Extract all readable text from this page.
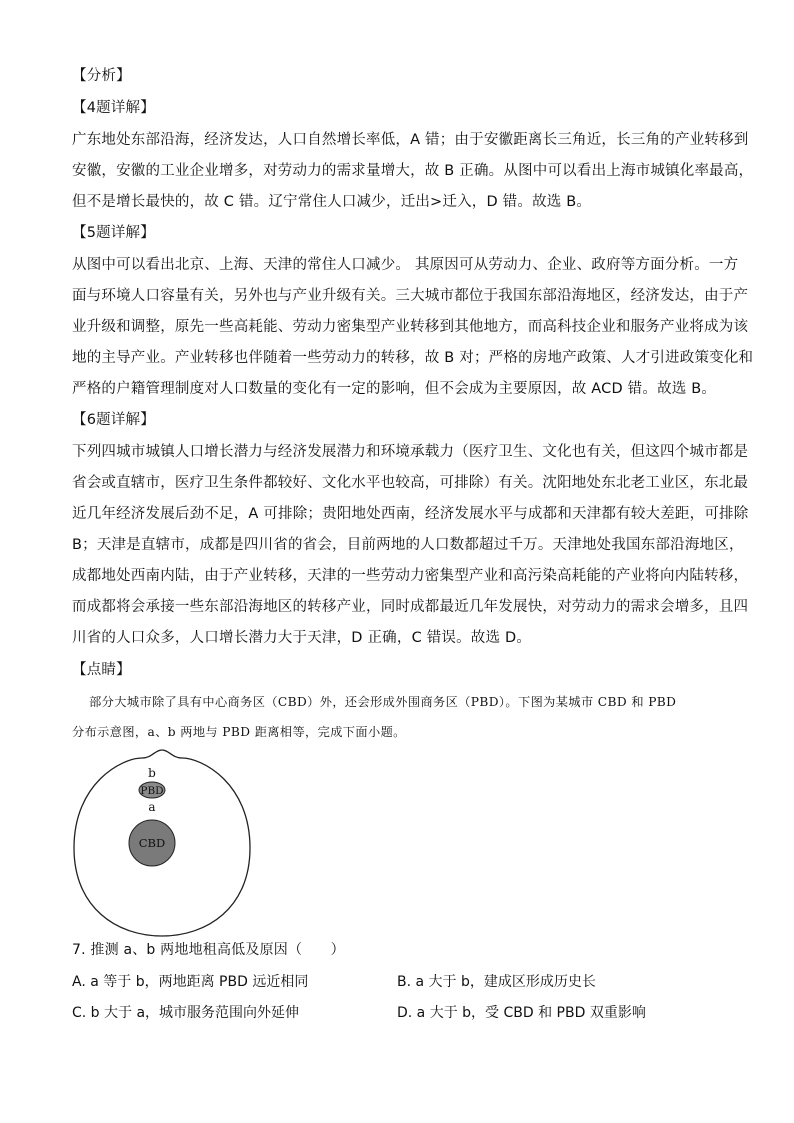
【分析】
【4题详解】
广东地处东部沿海，经济发达，人口自然增长率低，A 错；由于安徽距离长三角近，长三角的产业转移到
安徽，安徽的工业企业增多，对劳动力的需求量增大，故 B 正确。从图中可以看出上海市城镇化率最高，
但不是增长最快的，故 C 错。辽宁常住人口减少，迁出>迁入，D 错。故选 B。
【5题详解】
从图中可以看出北京、上海、天津的常住人口减少。 其原因可从劳动力、企业、政府等方面分析。一方
面与环境人口容量有关，另外也与产业升级有关。三大城市都位于我国东部沿海地区，经济发达，由于产
业升级和调整，原先一些高耗能、劳动力密集型产业转移到其他地方，而高科技企业和服务产业将成为该
地的主导产业。产业转移也伴随着一些劳动力的转移，故 B 对；严格的房地产政策、人才引进政策变化和
严格的户籍管理制度对人口数量的变化有一定的影响，但不会成为主要原因，故 ACD 错。故选 B。
【6题详解】
下列四城市城镇人口增长潜力与经济发展潜力和环境承载力（医疗卫生、文化也有关，但这四个城市都是
省会或直辖市，医疗卫生条件都较好、文化水平也较高，可排除）有关。沈阳地处东北老工业区，东北最
近几年经济发展后劲不足，A 可排除；贵阳地处西南，经济发展水平与成都和天津都有较大差距，可排除
B；天津是直辖市，成都是四川省的省会，目前两地的人口数都超过千万。天津地处我国东部沿海地区，
成都地处西南内陆，由于产业转移，天津的一些劳动力密集型产业和高污染高耗能的产业将向内陆转移，
而成都将会承接一些东部沿海地区的转移产业，同时成都最近几年发展快，对劳动力的需求会增多，且四
川省的人口众多，人口增长潜力大于天津，D 正确，C 错误。故选 D。
【点睛】
部分大城市除了具有中心商务区（CBD）外，还会形成外围商务区（PBD）。下图为某城市 CBD 和 PBD
分布示意图，a、b 两地与 PBD 距离相等，完成下面小题。
PBD
b
a
CBD
7. 推测 a、b 两地地租高低及原因（　　）
A. a 等于 b，两地距离 PBD 远近相同	B. a 大于 b，建成区形成历史长
C. b 大于 a，城市服务范围向外延伸	D. a 大于 b，受 CBD 和 PBD 双重影响
